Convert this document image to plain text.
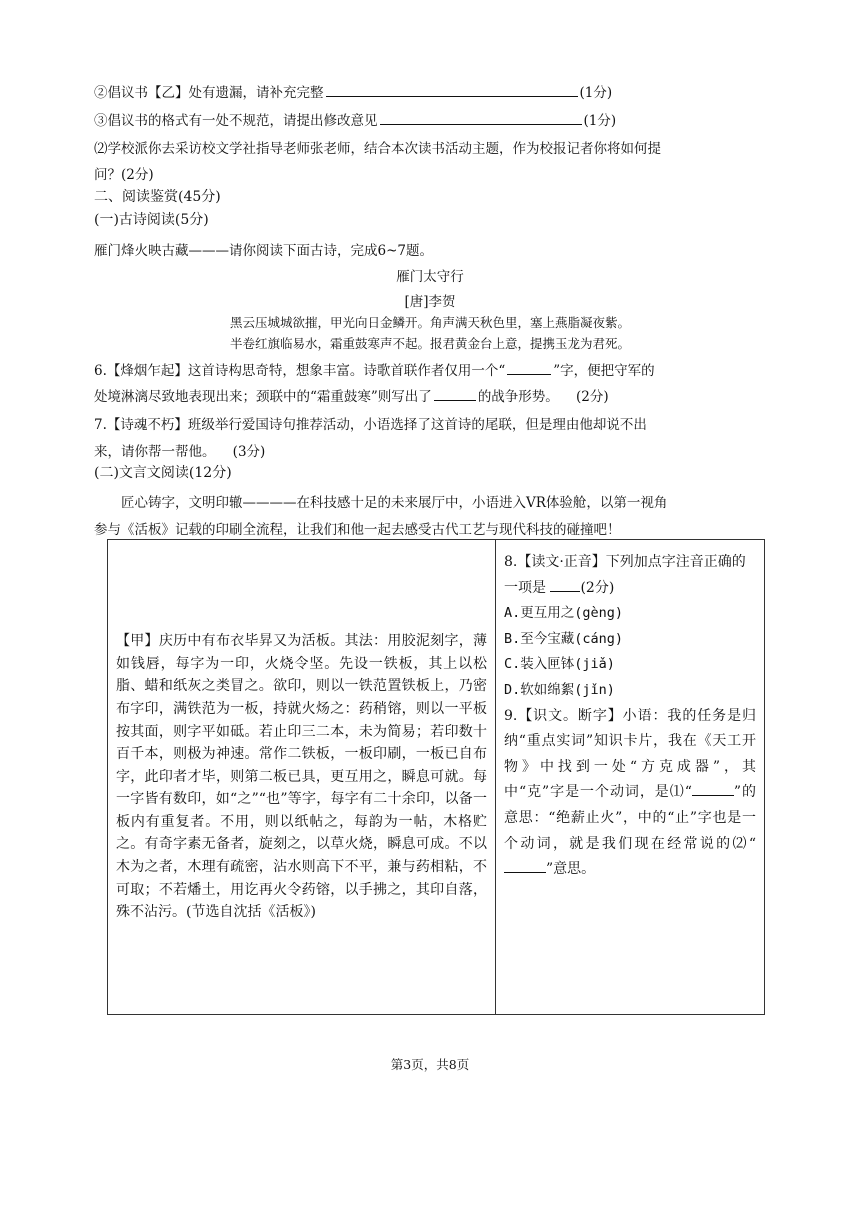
②倡议书【乙】处有遗漏，请补充完整	(1分)
③倡议书的格式有一处不规范，请提出修改意见	(1分)
⑵学校派你去采访校文学社指导老师张老师，结合本次读书活动主题，作为校报记者你将如何提
问？(2分)
二、阅读鉴赏(45分)
(一)古诗阅读(5分)
雁门烽火映古藏———请你阅读下面古诗，完成6~7题。
雁门太守行
[唐]李贺
黑云压城城欲摧，甲光向日金鳞开。角声满天秋色里，塞上燕脂凝夜紫。
半卷红旗临易水，霜重鼓寒声不起。报君黄金台上意，提携玉龙为君死。
6.【烽烟乍起】这首诗构思奇特，想象丰富。诗歌首联作者仅用一个“	”字，便把守军的
处境淋漓尽致地表现出来；颈联中的“霜重鼓寒”则写出了	的战争形势。 (2分)
7.【诗魂不朽】班级举行爱国诗句推荐活动，小语选择了这首诗的尾联，但是理由他却说不出
来，请你帮一帮他。 (3分)
(二)文言文阅读(12分)
匠心铸字，文明印辙————在科技感十足的未来展厅中，小语进入VR体验舱，以第一视角
参与《活板》记载的印刷全流程，让我们和他一起去感受古代工艺与现代科技的碰撞吧！
【甲】庆历中有布衣毕昇又为活板。其法：用胶泥刻字，薄如钱唇，每字为一印，火烧令坚。先设一铁板，其上以松脂、蜡和纸灰之类冒之。欲印，则以一铁范置铁板上，乃密布字印，满铁范为一板，持就火炀之：药稍镕，则以一平板按其面，则字平如砥。若止印三二本，未为简易；若印数十百千本，则极为神速。常作二铁板，一板印刷，一板已自布字，此印者才毕，则第二板已具，更互用之，瞬息可就。每一字皆有数印，如“之”“也”等字，每字有二十余印，以备一板内有重复者。不用，则以纸帖之，每韵为一帖，木格贮之。有奇字素无备者，旋刻之，以草火烧，瞬息可成。不以木为之者，木理有疏密，沾水则高下不平，兼与药相粘，不可取；不若燔土，用讫再火令药镕，以手拂之，其印自落，殊不沾污。(节选自沈括《活板》)	
8.【读文·正音】下列加点字注音正确的一项是 (2分)
A.更互用之(gèng)
B.至今宝藏(cáng)
C.装入匣钵(jiǎ)
D.软如绵絮(jǐn)
9.【识文。断字】小语：我的任务是归纳“重点实词”知识卡片，我在《天工开物》中找到一处“方克成器”，其中“克”字是一个动词，是⑴“	”的意思：“绝薪止火”，中的“止”字也是一个动词，就是我们现在经常说的⑵“”意思。
第3页，共8页
